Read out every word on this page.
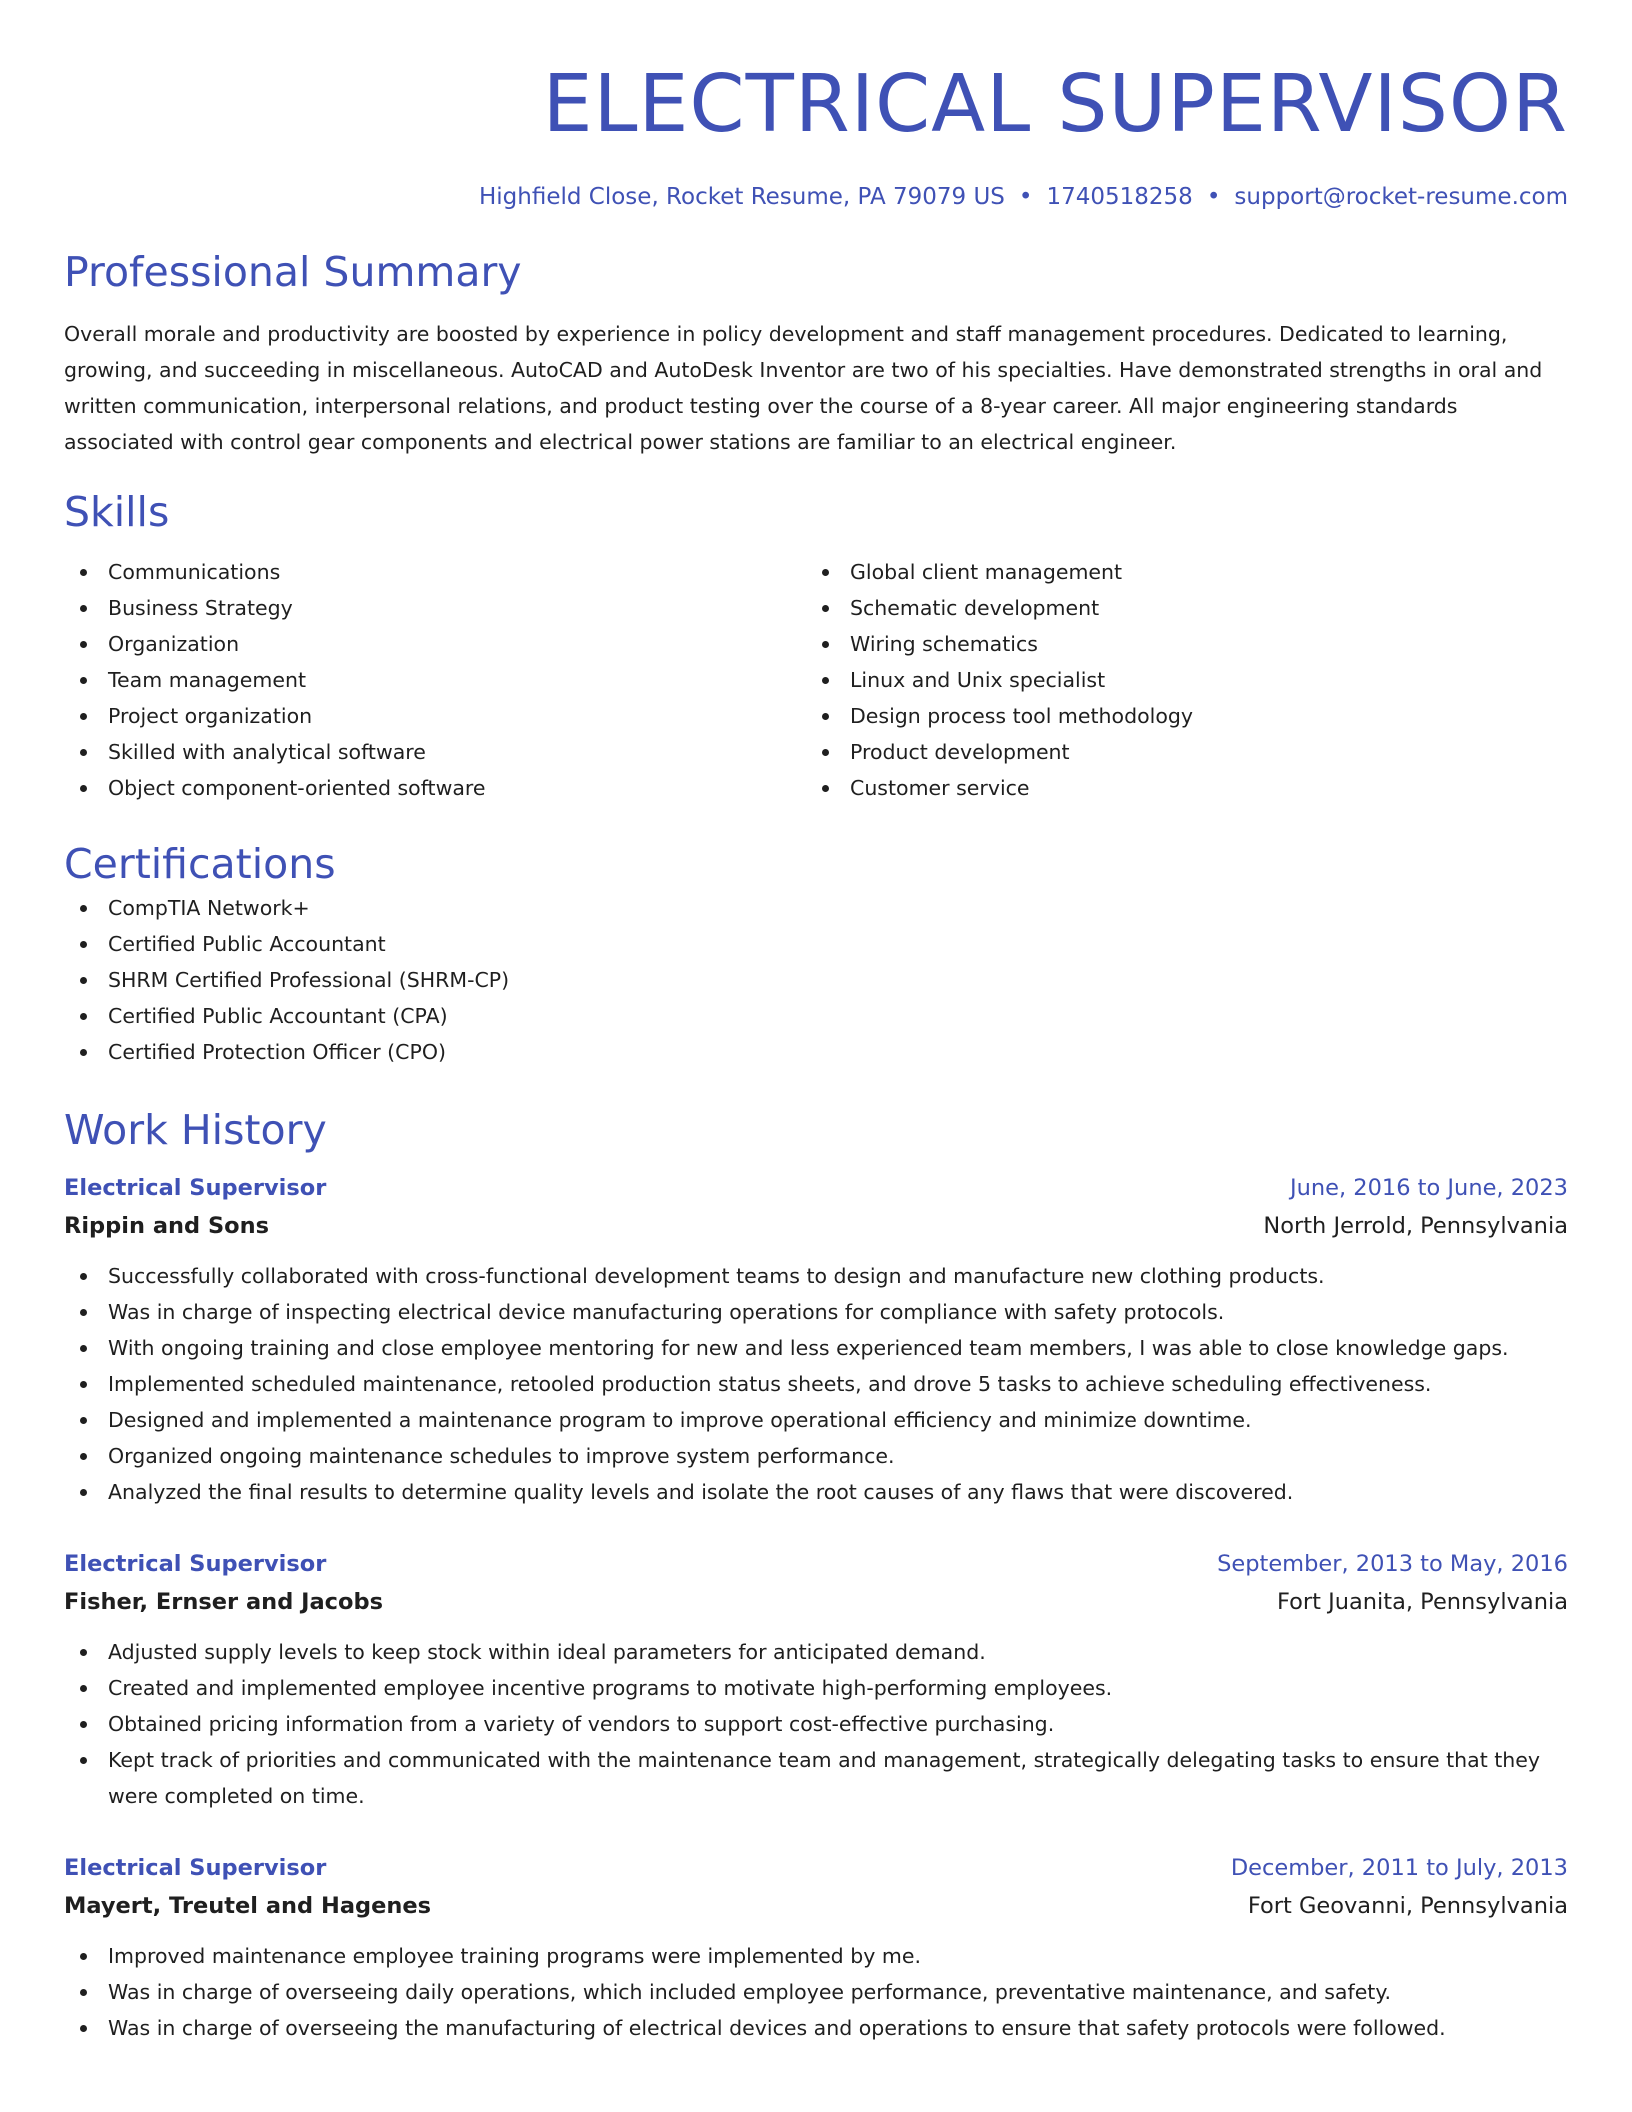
ELECTRICAL SUPERVISOR
Highfield Close, Rocket Resume, PA 79079 US • 1740518258 • support@rocket-resume.com
Professional Summary

Overall morale and productivity are boosted by experience in policy development and staff management procedures. Dedicated to learning, growing, and succeeding in miscellaneous. AutoCAD and AutoDesk Inventor are two of his specialties. Have demonstrated strengths in oral and written communication, interpersonal relations, and product testing over the course of a 8-year career. All major engineering standards associated with control gear components and electrical power stations are familiar to an electrical engineer.

Skills
Communications
Business Strategy
Organization
Team management
Project organization
Skilled with analytical software
Object component-oriented software
Global client management
Schematic development
Wiring schematics
Linux and Unix specialist
Design process tool methodology
Product development
Customer service
Certifications
CompTIA Network+
Certified Public Accountant
SHRM Certified Professional (SHRM-CP)
Certified Public Accountant (CPA)
Certified Protection Officer (CPO)
Work History
Electrical Supervisor	June, 2016 to June, 2023
Rippin and Sons	North Jerrold, Pennsylvania
Successfully collaborated with cross-functional development teams to design and manufacture new clothing products.
Was in charge of inspecting electrical device manufacturing operations for compliance with safety protocols.
With ongoing training and close employee mentoring for new and less experienced team members, I was able to close knowledge gaps.
Implemented scheduled maintenance, retooled production status sheets, and drove 5 tasks to achieve scheduling effectiveness.
Designed and implemented a maintenance program to improve operational efficiency and minimize downtime.
Organized ongoing maintenance schedules to improve system performance.
Analyzed the final results to determine quality levels and isolate the root causes of any flaws that were discovered.
Electrical Supervisor	September, 2013 to May, 2016
Fisher, Ernser and Jacobs	Fort Juanita, Pennsylvania
Adjusted supply levels to keep stock within ideal parameters for anticipated demand.
Created and implemented employee incentive programs to motivate high-performing employees.
Obtained pricing information from a variety of vendors to support cost-effective purchasing.
Kept track of priorities and communicated with the maintenance team and management, strategically delegating tasks to ensure that they were completed on time.
Electrical Supervisor	December, 2011 to July, 2013
Mayert, Treutel and Hagenes	Fort Geovanni, Pennsylvania
Improved maintenance employee training programs were implemented by me.
Was in charge of overseeing daily operations, which included employee performance, preventative maintenance, and safety.
Was in charge of overseeing the manufacturing of electrical devices and operations to ensure that safety protocols were followed.
